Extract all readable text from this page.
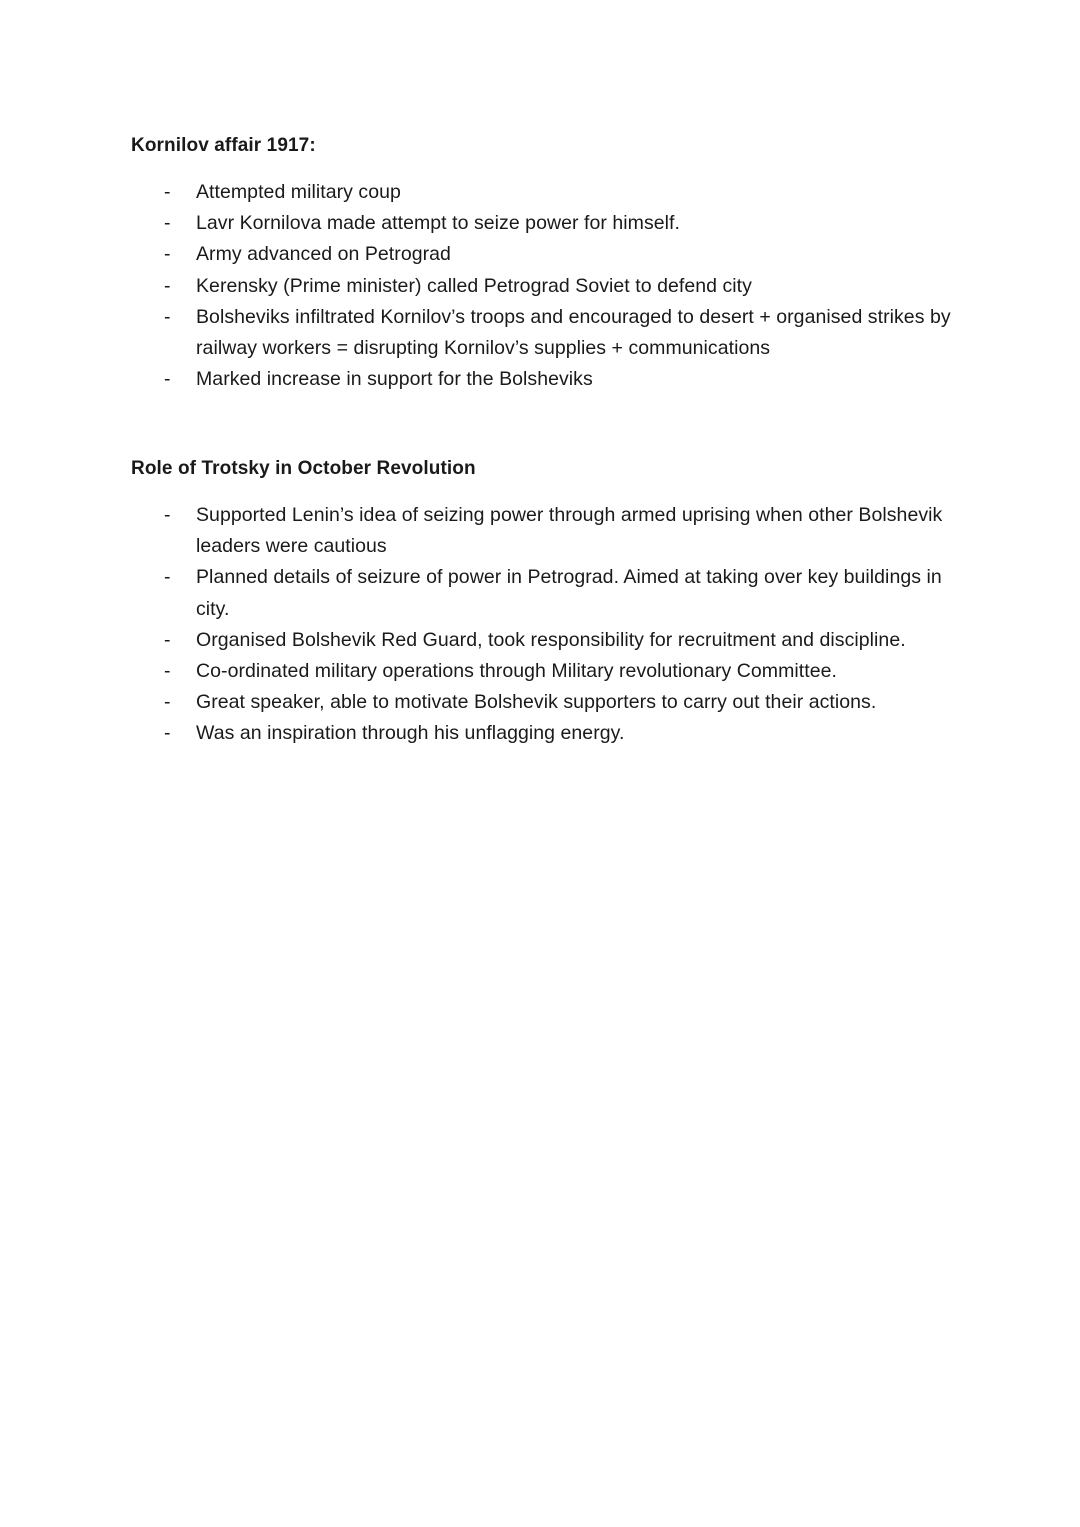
Kornilov affair 1917:
- Attempted military coup
- Lavr Kornilova made attempt to seize power for himself.
- Army advanced on Petrograd
- Kerensky (Prime minister) called Petrograd Soviet to defend city
- Bolsheviks infiltrated Kornilov’s troops and encouraged to desert + organised strikes by railway workers = disrupting Kornilov’s supplies + communications
- Marked increase in support for the Bolsheviks
Role of Trotsky in October Revolution
- Supported Lenin’s idea of seizing power through armed uprising when other Bolshevik leaders were cautious
- Planned details of seizure of power in Petrograd. Aimed at taking over key buildings in city.
- Organised Bolshevik Red Guard, took responsibility for recruitment and discipline.
- Co-ordinated military operations through Military revolutionary Committee.
- Great speaker, able to motivate Bolshevik supporters to carry out their actions.
- Was an inspiration through his unflagging energy.
